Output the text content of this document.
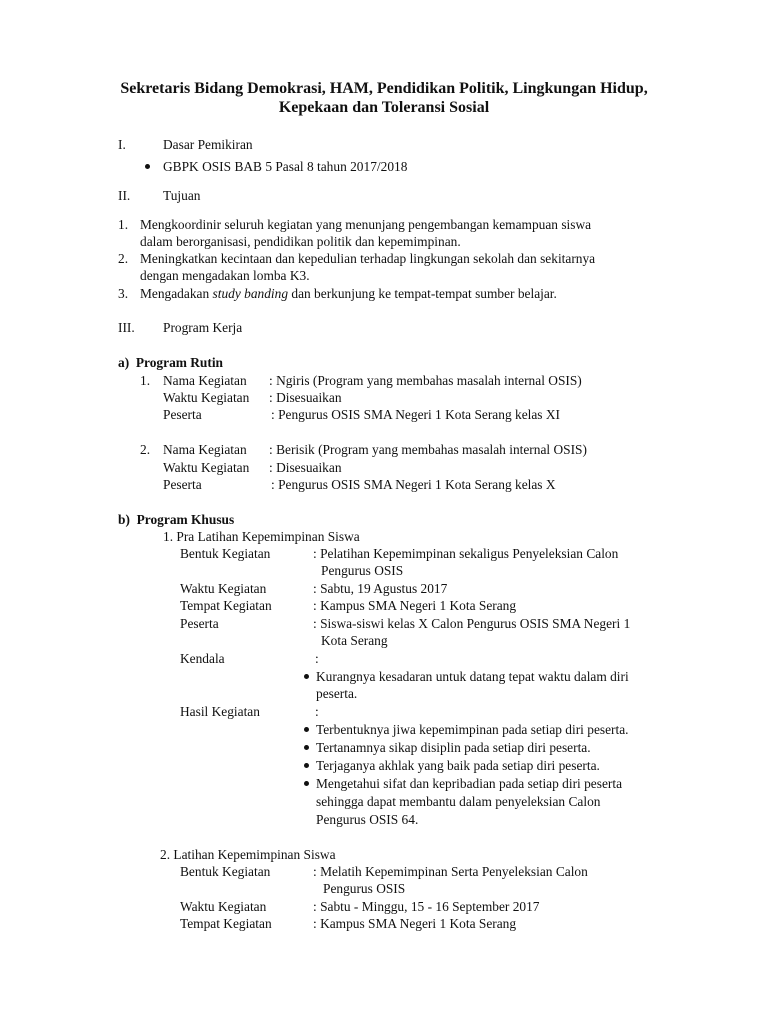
Sekretaris Bidang Demokrasi, HAM, Pendidikan Politik, Lingkungan Hidup,
Kepekaan dan Toleransi Sosial
I.	Dasar Pemikiran
GBPK OSIS BAB 5 Pasal 8 tahun 2017/2018
II. Tujuan
1. Mengkoordinir seluruh kegiatan yang menunjang pengembangan kemampuan siswa
dalam berorganisasi, pendidikan politik dan kepemimpinan.
2. Meningkatkan kecintaan dan kepedulian terhadap lingkungan sekolah dan sekitarnya
dengan mengadakan lomba K3.
3. Mengadakan study banding dan berkunjung ke tempat-tempat sumber belajar.
III. Program Kerja
a)  Program Rutin
1. Nama Kegiatan : Ngiris (Program yang membahas masalah internal OSIS)
Waktu Kegiatan : Disesuaikan
Peserta	: Pengurus OSIS SMA Negeri 1 Kota Serang kelas XI
2. Nama Kegiatan : Berisik (Program yang membahas masalah internal OSIS)
Waktu Kegiatan : Disesuaikan
Peserta	: Pengurus OSIS SMA Negeri 1 Kota Serang kelas X
b)  Program Khusus
1. Pra Latihan Kepemimpinan Siswa
Bentuk Kegiatan	: Pelatihan Kepemimpinan sekaligus Penyeleksian Calon
Pengurus OSIS
Waktu Kegiatan	: Sabtu, 19 Agustus 2017
Tempat Kegiatan	: Kampus SMA Negeri 1 Kota Serang
Peserta	: Siswa-siswi kelas X Calon Pengurus OSIS SMA Negeri 1
Kota Serang
Kendala	:
Kurangnya kesadaran untuk datang tepat waktu dalam diri
peserta.
Hasil Kegiatan	:
Terbentuknya jiwa kepemimpinan pada setiap diri peserta.
Tertanamnya sikap disiplin pada setiap diri peserta.
Terjaganya akhlak yang baik pada setiap diri peserta.
Mengetahui sifat dan kepribadian pada setiap diri peserta
sehingga dapat membantu dalam penyeleksian Calon
Pengurus OSIS 64.
2. Latihan Kepemimpinan Siswa
Bentuk Kegiatan	: Melatih Kepemimpinan Serta Penyeleksian Calon
Pengurus OSIS
Waktu Kegiatan	: Sabtu - Minggu, 15 - 16 September 2017
Tempat Kegiatan	: Kampus SMA Negeri 1 Kota Serang
